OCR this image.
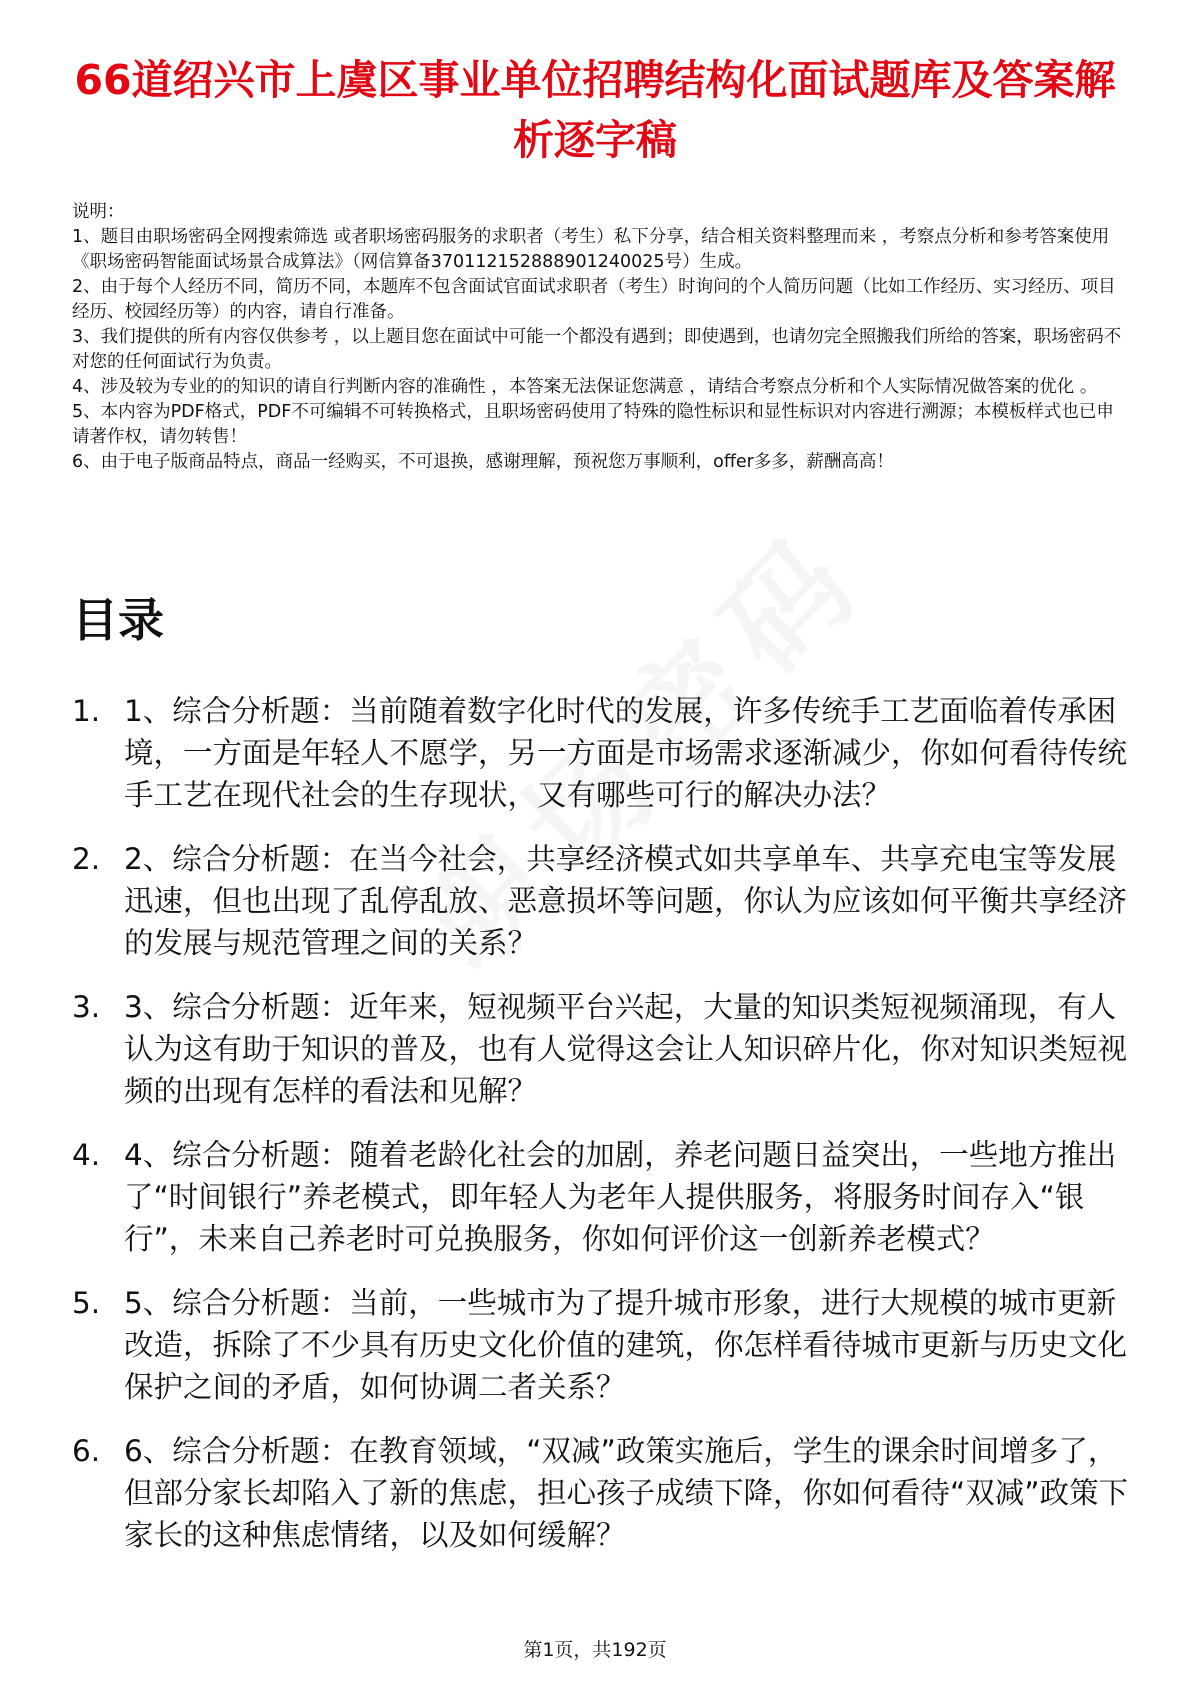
66道绍兴市上虞区事业单位招聘结构化面试题库及答案解析逐字稿

说明：

1、题目由职场密码全网搜索筛选 或者职场密码服务的求职者（考生）私下分享，结合相关资料整理而来 ，考察点分析和参考答案使用《职场密码智能面试场景合成算法》（网信算备3701121528889012400​25号）生成。

2、由于每个人经历不同，简历不同，本题库不包含面试官面试求职者（考生）时询问的个人简历问题（比如工作经历、实习经历、项目经历、校园经历等）的内容，请自行准备。

3、我们提供的所有内容仅供参考 ，以上题目您在面试中可能一个都没有遇到；即使遇到，也请勿完全照搬我们所给的答案，职场密码不对您的任何面试行为负责。

4、涉及较为专业的的知识的请自行判断内容的准确性 ，本答案无法保证您满意 ，请结合考察点分析和个人实际情况做答案的优化 。

5、本内容为PDF格式，PDF不可编辑不可转换格式，且职场密码使用了特殊的隐性标识和显性标识对内容进行溯源；本模板样式也已申请著作权，请勿转售！

6、由于电子版商品特点，商品一经购买，不可退换，感谢理解，预祝您万事顺利，offer多多，薪酬高高！

目录
1. 1、综合分析题：当前随着数字化时代的发展，许多传统手工艺面临着传承困境，一方面是年轻人不愿学，另一方面是市场需求逐渐减少，你如何看待传统手工艺在现代社会的生存现状，又有哪些可行的解决办法？
2. 2、综合分析题：在当今社会，共享经济模式如共享单车、共享充电宝等发展迅速，但也出现了乱停乱放、恶意损坏等问题，你认为应该如何平衡共享经济的发展与规范管理之间的关系？
3. 3、综合分析题：近年来，短视频平台兴起，大量的知识类短视频涌现，有人认为这有助于知识的普及，也有人觉得这会让人知识碎片化，你对知识类短视频的出现有怎样的看法和见解？
4. 4、综合分析题：随着老龄化社会的加剧，养老问题日益突出，一些地方推出了“时间银行”养老模式，即年轻人为老年人提供服务，将服务时间存入“银行”，未来自己养老时可兑换服务，你如何评价这一创新养老模式？
5. 5、综合分析题：当前，一些城市为了提升城市形象，进行大规模的城市更新改造，拆除了不少具有历史文化价值的建筑，你怎样看待城市更新与历史文化保护之间的矛盾，如何协调二者关系？
6. 6、综合分析题：在教育领域，“双减”政策实施后，学生的课余时间增多了，但部分家长却陷入了新的焦虑，担心孩子成绩下降，你如何看待“双减”政策下家长的这种焦虑情绪，以及如何缓解？
第1页，共192页
